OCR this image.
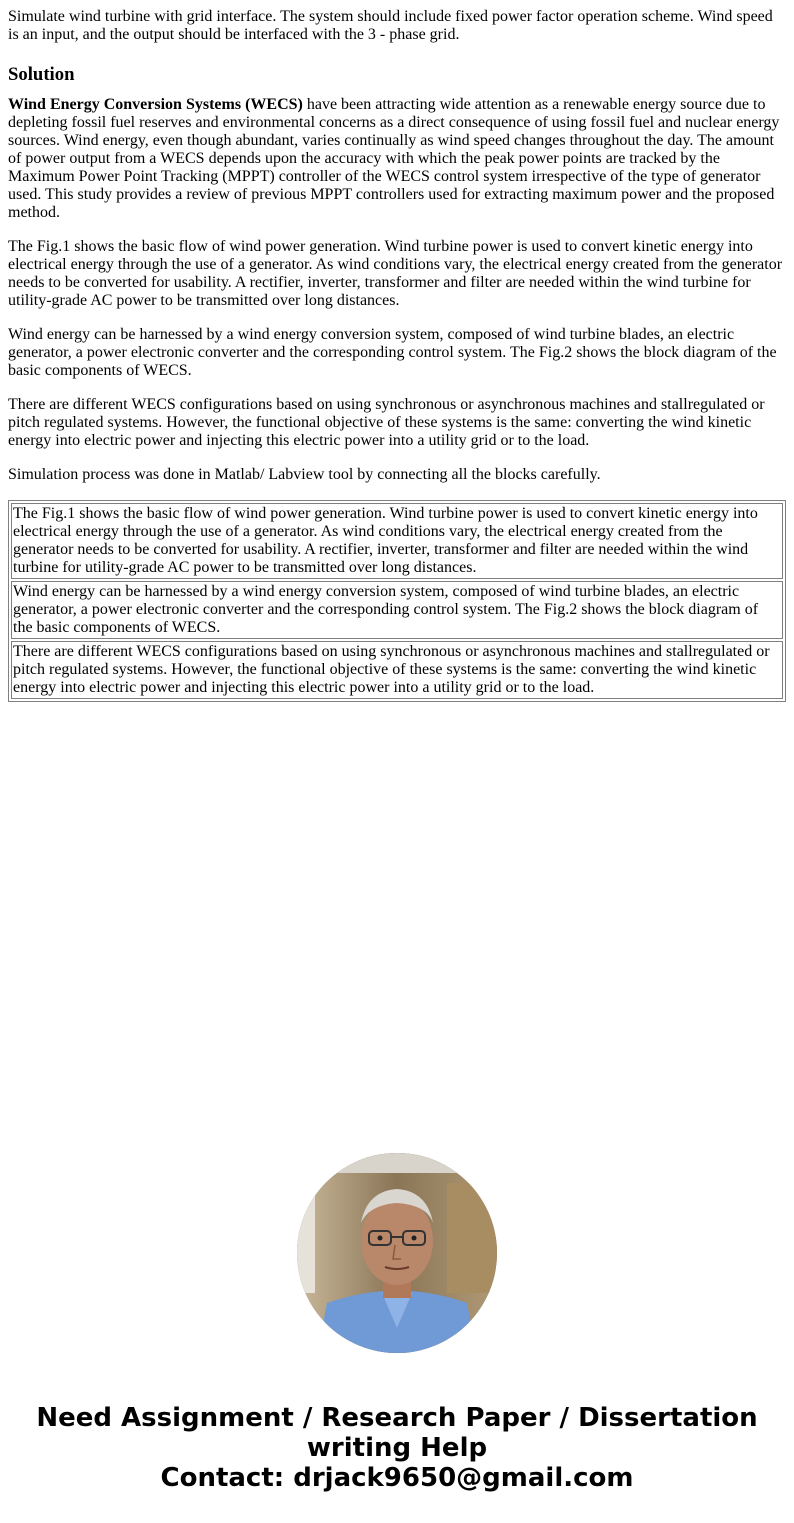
Simulate wind turbine with grid interface. The system should include fixed power factor operation scheme. Wind speed is an input, and the output should be interfaced with the 3 - phase grid.

Solution

Wind Energy Conversion Systems (WECS) have been attracting wide attention as a renewable energy source due to depleting fossil fuel reserves and environmental concerns as a direct consequence of using fossil fuel and nuclear energy sources. Wind energy, even though abundant, varies continually as wind speed changes throughout the day. The amount of power output from a WECS depends upon the accuracy with which the peak power points are tracked by the Maximum Power Point Tracking (MPPT) controller of the WECS control system irrespective of the type of generator used. This study provides a review of previous MPPT controllers used for extracting maximum power and the proposed method.

The Fig.1 shows the basic flow of wind power generation. Wind turbine power is used to convert kinetic energy into electrical energy through the use of a generator. As wind conditions vary, the electrical energy created from the generator needs to be converted for usability. A rectifier, inverter, transformer and filter are needed within the wind turbine for utility-grade AC power to be transmitted over long distances.

Wind energy can be harnessed by a wind energy conversion system, composed of wind turbine blades, an electric generator, a power electronic converter and the corresponding control system. The Fig.2 shows the block diagram of the basic components of WECS.

There are different WECS configurations based on using synchronous or asynchronous machines and stallregulated or pitch regulated systems. However, the functional objective of these systems is the same: converting the wind kinetic energy into electric power and injecting this electric power into a utility grid or to the load.

Simulation process was done in Matlab/ Labview tool by connecting all the blocks carefully.

The Fig.1 shows the basic flow of wind power generation. Wind turbine power is used to convert kinetic energy into electrical energy through the use of a generator. As wind conditions vary, the electrical energy created from the generator needs to be converted for usability. A rectifier, inverter, transformer and filter are needed within the wind turbine for utility-grade AC power to be transmitted over long distances.
Wind energy can be harnessed by a wind energy conversion system, composed of wind turbine blades, an electric generator, a power electronic converter and the corresponding control system. The Fig.2 shows the block diagram of the basic components of WECS.
There are different WECS configurations based on using synchronous or asynchronous machines and stallregulated or pitch regulated systems. However, the functional objective of these systems is the same: converting the wind kinetic energy into electric power and injecting this electric power into a utility grid or to the load.
Need Assignment / Research Paper / Dissertation
writing Help
Contact: drjack9650@gmail.com
